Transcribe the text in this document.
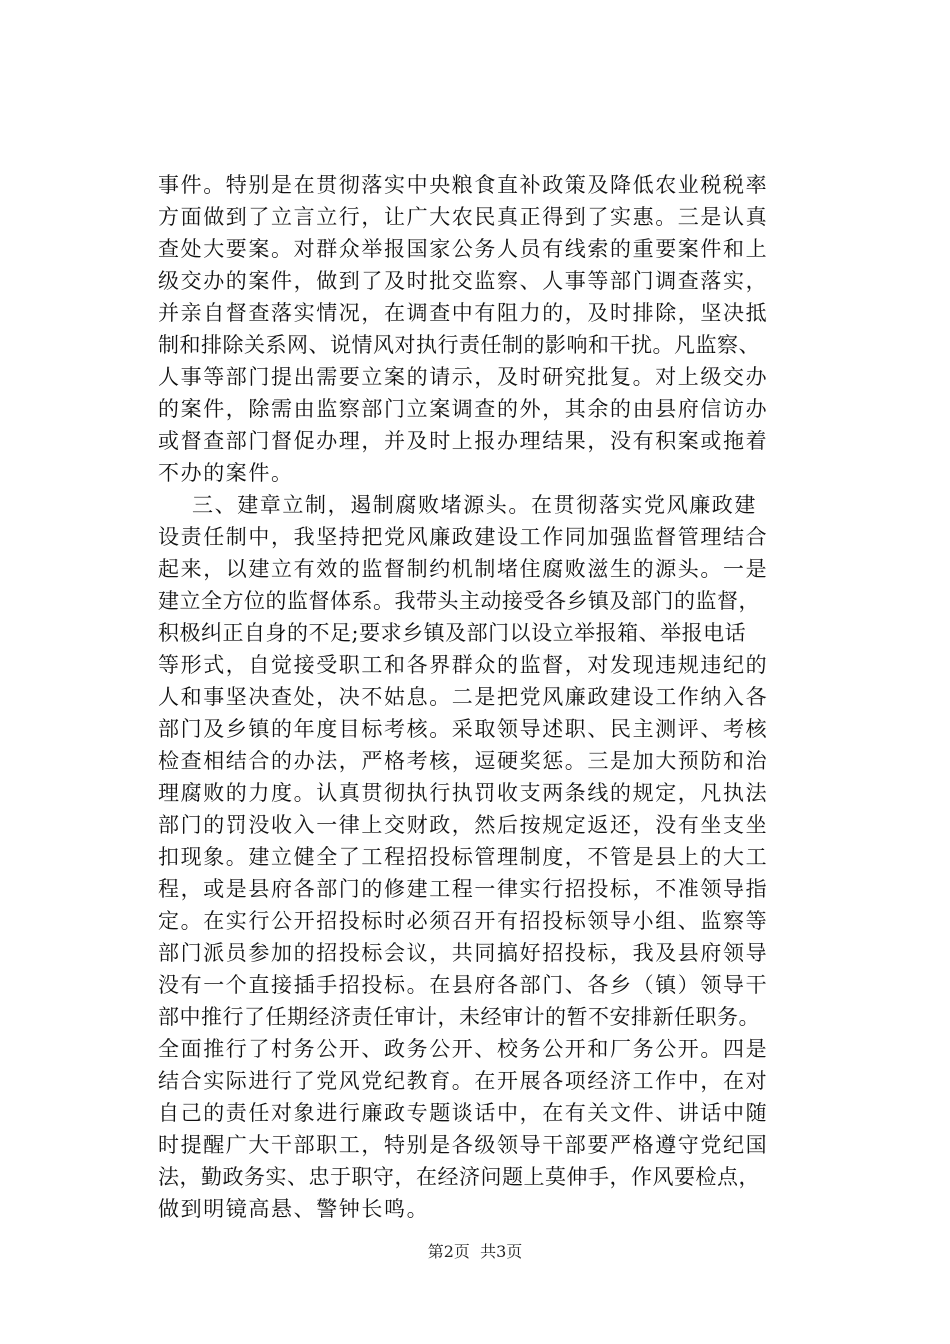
事件。特别是在贯彻落实中央粮食直补政策及降低农业税税率
方面做到了立言立行，让广大农民真正得到了实惠。三是认真
查处大要案。对群众举报国家公务人员有线索的重要案件和上
级交办的案件，做到了及时批交监察、人事等部门调查落实，
并亲自督查落实情况，在调查中有阻力的，及时排除，坚决抵
制和排除关系网、说情风对执行责任制的影响和干扰。凡监察、
人事等部门提出需要立案的请示，及时研究批复。对上级交办
的案件，除需由监察部门立案调查的外，其余的由县府信访办
或督查部门督促办理，并及时上报办理结果，没有积案或拖着
不办的案件。
三、建章立制，遏制腐败堵源头。在贯彻落实党风廉政建
设责任制中，我坚持把党风廉政建设工作同加强监督管理结合
起来，以建立有效的监督制约机制堵住腐败滋生的源头。一是
建立全方位的监督体系。我带头主动接受各乡镇及部门的监督，
积极纠正自身的不足;要求乡镇及部门以设立举报箱、举报电话
等形式，自觉接受职工和各界群众的监督，对发现违规违纪的
人和事坚决查处，决不姑息。二是把党风廉政建设工作纳入各
部门及乡镇的年度目标考核。采取领导述职、民主测评、考核
检查相结合的办法，严格考核，逗硬奖惩。三是加大预防和治
理腐败的力度。认真贯彻执行执罚收支两条线的规定，凡执法
部门的罚没收入一律上交财政，然后按规定返还，没有坐支坐
扣现象。建立健全了工程招投标管理制度，不管是县上的大工
程，或是县府各部门的修建工程一律实行招投标，不准领导指
定。在实行公开招投标时必须召开有招投标领导小组、监察等
部门派员参加的招投标会议，共同搞好招投标，我及县府领导
没有一个直接插手招投标。在县府各部门、各乡（镇）领导干
部中推行了任期经济责任审计，未经审计的暂不安排新任职务。
全面推行了村务公开、政务公开、校务公开和厂务公开。四是
结合实际进行了党风党纪教育。在开展各项经济工作中，在对
自己的责任对象进行廉政专题谈话中，在有关文件、讲话中随
时提醒广大干部职工，特别是各级领导干部要严格遵守党纪国
法，勤政务实、忠于职守，在经济问题上莫伸手，作风要检点，
做到明镜高悬、警钟长鸣。
第2页  共3页
